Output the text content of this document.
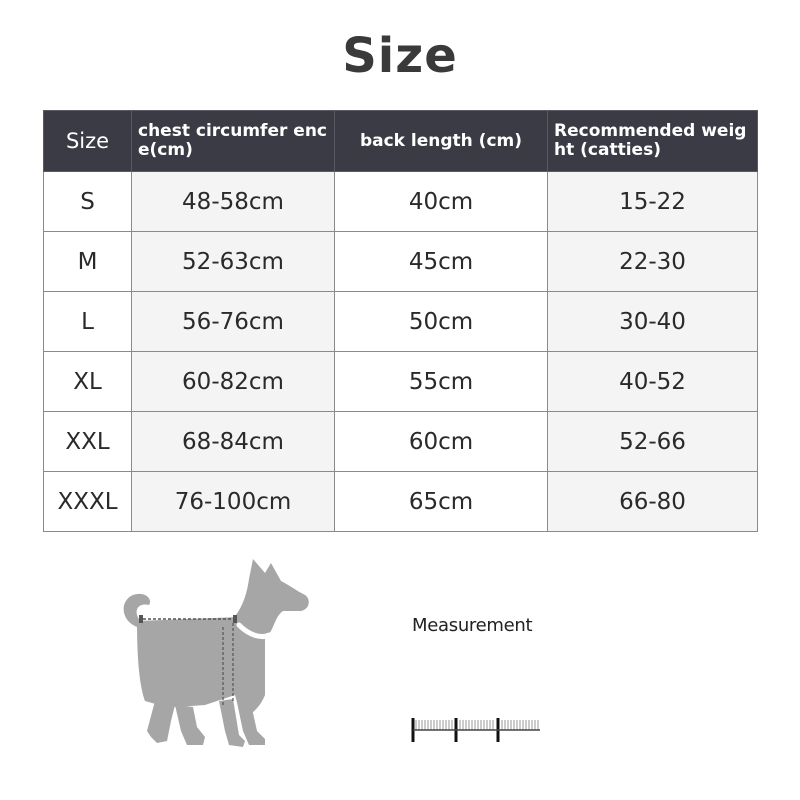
Size
Size	chest circumfer ence(cm)	back length (cm)	Recommended weig ht (catties)
S	48-58cm	40cm	15-22
M	52-63cm	45cm	22-30
L	56-76cm	50cm	30-40
XL	60-82cm	55cm	40-52
XXL	68-84cm	60cm	52-66
XXXL	76-100cm	65cm	66-80
Measurement
